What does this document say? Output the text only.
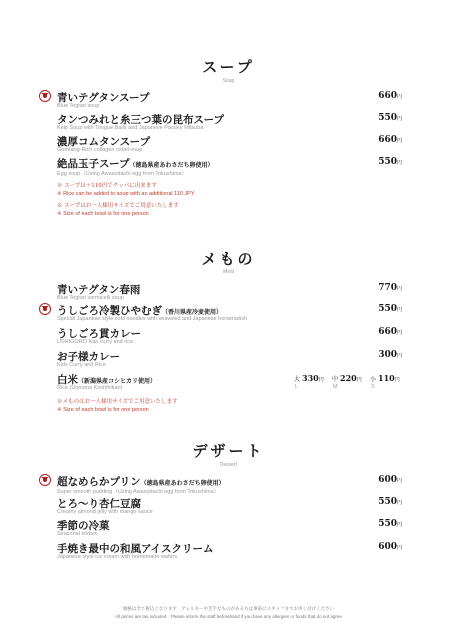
スープ
Soup
青いテグタンスープ
Blue Tegtan soup
660円
タンつみれと糸三つ葉の昆布スープ
Kelp Soup with Tongue Balls and Japanese Parsley Mitsuba
550円
濃厚コムタンスープ
Gomtang-Rich collagen oxtail soup
660円
絶品玉子スープ（徳島県産あわさだち卵使用）
Egg soup（Using Awasodachi egg from Tokushima）
550円
※ スープは＋110円でクッパに出来ます
※ Rice can be added to soup with an additional 110 JPY
※ スープはお一人様用サイズでご用意いたします
※ Size of each bowl is for one person
メもの
Meal
青いテグタン春雨
Blue Tegtan vermicelli soup
770円
うしごろ冷製ひやむぎ（香川県産冷麦使用）
Special Japanese style cold noodles with seaweed and Japanese horseradish
550円
うしごろ貫カレー
USHIGORO Kan curry and rice
660円
お子様カレー
Kids Curry and Rice
300円
白米（新潟県産コシヒカリ使用）
Rice (Uonuma Koshihikari)
大 330円
L
中 220円
M
小 110円
S
※メものはお一人様用サイズでご用意いたします
※ Size of each bowl is for one person
デザート
Dessert
超なめらかプリン（徳島県産あわさだち卵使用）
Super smooth pudding（Using Awasodachi egg from Tokushima）
600円
とろ～り杏仁豆腐
Creamy almond jelly with mango sauce
550円
季節の冷菓
Seasonal sorbet
550円
手焼き最中の和風アイスクリーム
Japanese style ice cream with homemade wafers
600円
価格は全て税込となります　アレルギーや苦手なものがある方は事前にスタッフまでお申し付けください
All prices are tax included　Please inform the staff beforehand if you have any allergies or foods that do not agree
